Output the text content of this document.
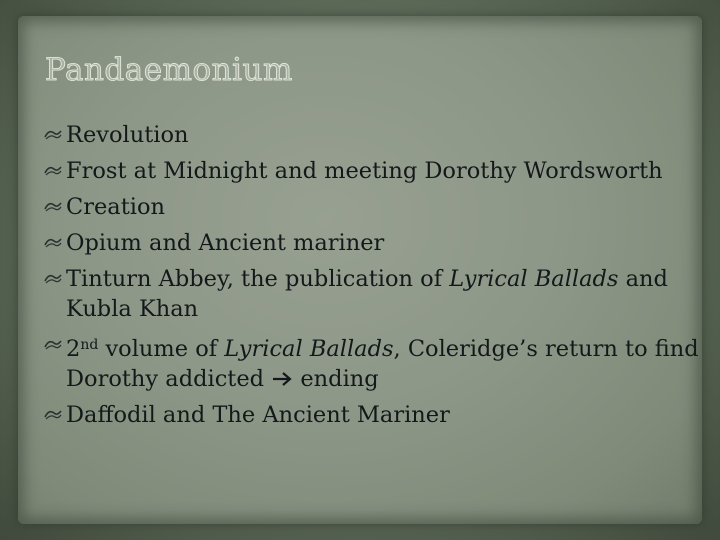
Pandaemonium
Revolution
Frost at Midnight and meeting Dorothy Wordsworth
Creation
Opium and Ancient mariner
Tinturn Abbey, the publication of Lyrical Ballads and Kubla Khan
2nd volume of Lyrical Ballads, Coleridge’s return to find Dorothy addicted  ending
Daffodil and The Ancient Mariner
